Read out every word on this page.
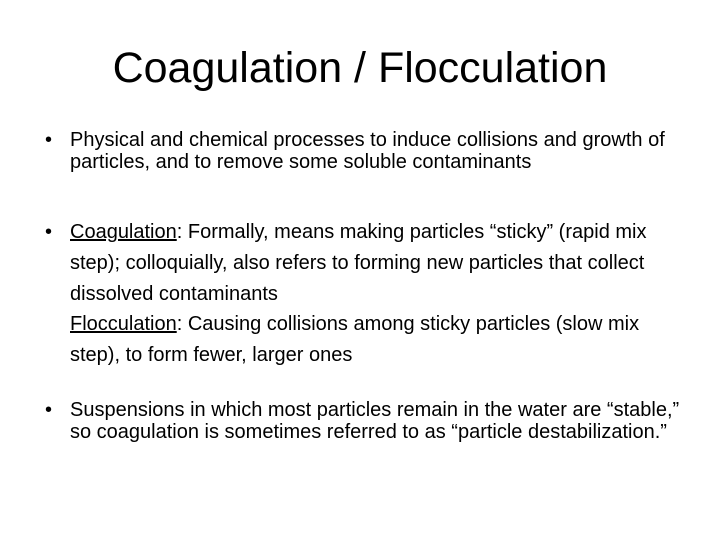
Coagulation / Flocculation
• Physical and chemical processes to induce collisions and growth of particles, and to remove some soluble contaminants
• Coagulation: Formally, means making particles “sticky” (rapid mix step); colloquially, also refers to forming new particles that collect dissolved contaminants
Flocculation: Causing collisions among sticky particles (slow mix step), to form fewer, larger ones
• Suspensions in which most particles remain in the water are “stable,” so coagulation is sometimes referred to as “particle destabilization.”
